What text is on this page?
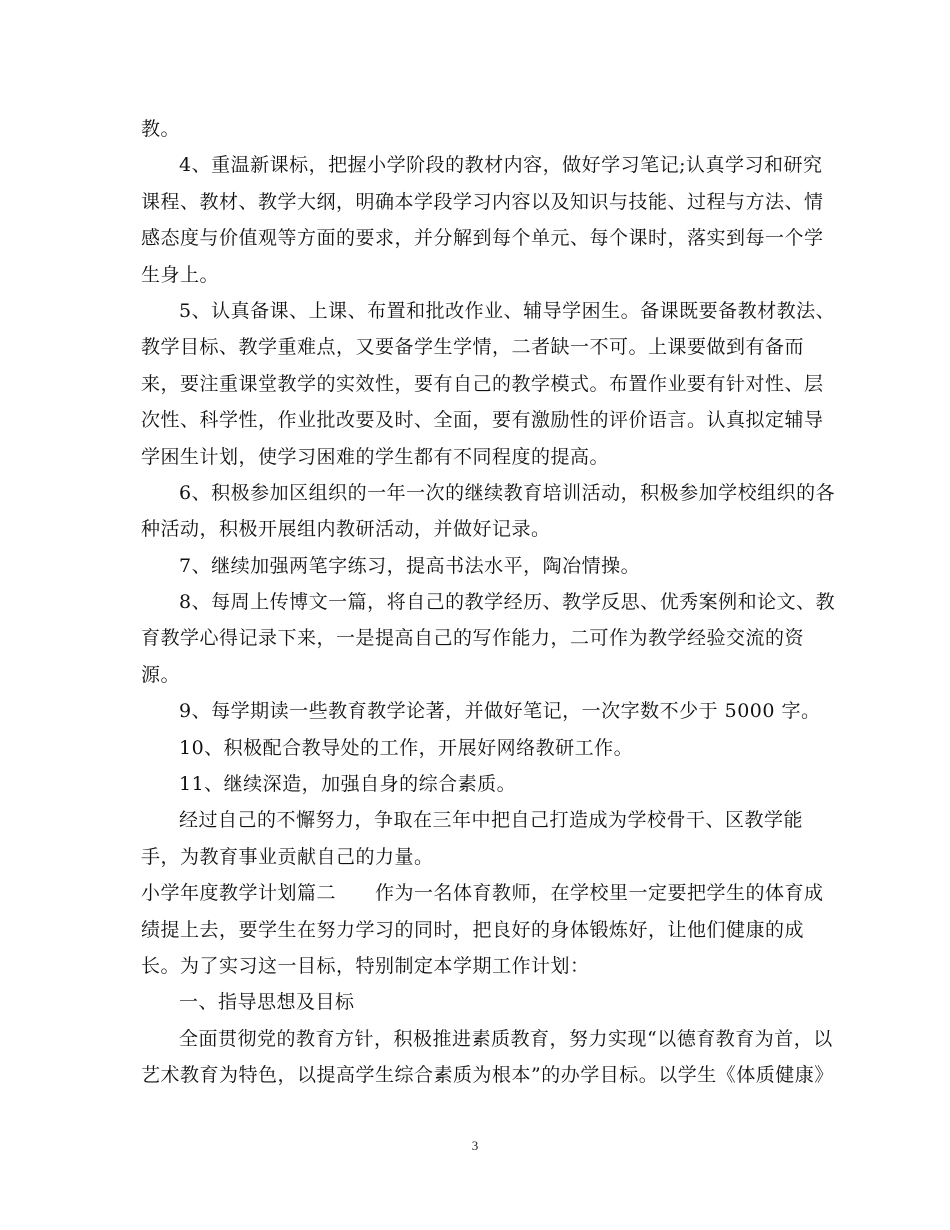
教。
4、重温新课标，把握小学阶段的教材内容，做好学习笔记;认真学习和研究
课程、教材、教学大纲，明确本学段学习内容以及知识与技能、过程与方法、情
感态度与价值观等方面的要求，并分解到每个单元、每个课时，落实到每一个学
生身上。
5、认真备课、上课、布置和批改作业、辅导学困生。备课既要备教材教法、
教学目标、教学重难点，又要备学生学情，二者缺一不可。上课要做到有备而
来，要注重课堂教学的实效性，要有自己的教学模式。布置作业要有针对性、层
次性、科学性，作业批改要及时、全面，要有激励性的评价语言。认真拟定辅导
学困生计划，使学习困难的学生都有不同程度的提高。
6、积极参加区组织的一年一次的继续教育培训活动，积极参加学校组织的各
种活动，积极开展组内教研活动，并做好记录。
7、继续加强两笔字练习，提高书法水平，陶冶情操。
8、每周上传博文一篇，将自己的教学经历、教学反思、优秀案例和论文、教
育教学心得记录下来，一是提高自己的写作能力，二可作为教学经验交流的资
源。
9、每学期读一些教育教学论著，并做好笔记，一次字数不少于 5000 字。
10、积极配合教导处的工作，开展好网络教研工作。
11、继续深造，加强自身的综合素质。
经过自己的不懈努力，争取在三年中把自己打造成为学校骨干、区教学能
手，为教育事业贡献自己的力量。
小学年度教学计划篇二　　作为一名体育教师，在学校里一定要把学生的体育成
绩提上去，要学生在努力学习的同时，把良好的身体锻炼好，让他们健康的成
长。为了实习这一目标，特别制定本学期工作计划：
一、指导思想及目标
全面贯彻党的教育方针，积极推进素质教育，努力实现“以德育教育为首，以
艺术教育为特色，以提高学生综合素质为根本”的办学目标。以学生《体质健康》
3
